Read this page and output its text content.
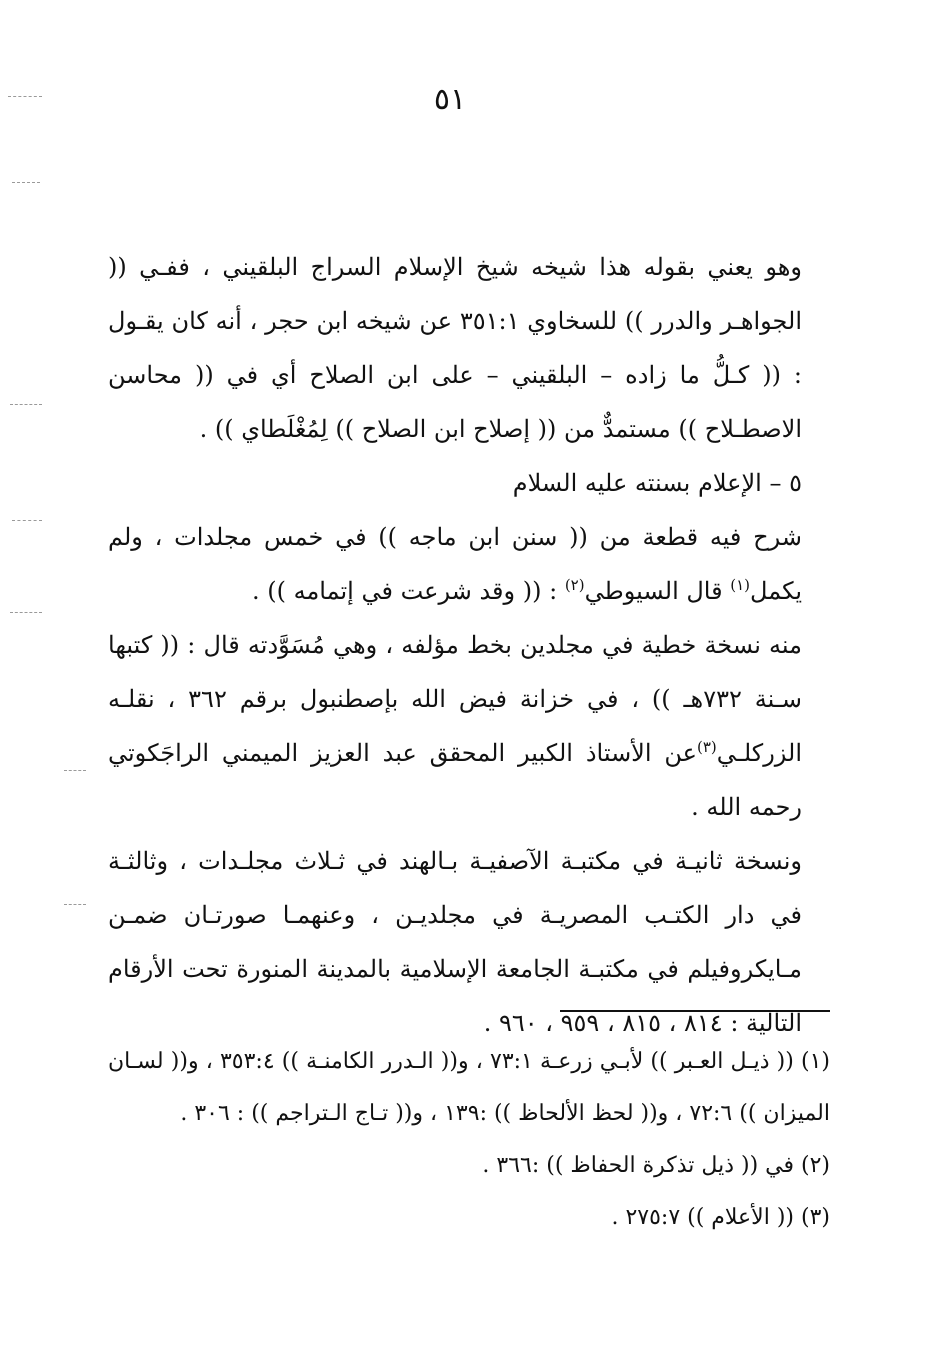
٥١

وهو يعني بقوله هذا شيخه شيخ الإسلام السراج البلقيني ، ففـي (( الجواهـر والدرر )) للسخاوي ٣٥١:١ عن شيخه ابن حجر ، أنه كان يقـول : (( كـلُّ ما زاده – البلقيني – على ابن الصلاح أي في (( محاسن الاصطـلاح )) مستمدٌّ من (( إصلاح ابن الصلاح )) لِمُغْلَطاي )) .

٥ – الإعلام بسنته عليه السلام

شرح فيه قطعة من (( سنن ابن ماجه )) في خمس مجلدات ، ولم يكمل$^{(١)}$ قال السيوطي$^{(٢)}$ : (( وقد شرعت في إتمامه )) .

منه نسخة خطية في مجلدين بخط مؤلفه ، وهي مُسَوَّدته قال : (( كتبها سـنة ٧٣٢هـ )) ، في خزانة فيض الله بإصطنبول برقم ٣٦٢ ، نقلـه الزركلـي$^{(٣)}$عن الأستاذ الكبير المحقق عبد العزيز الميمني الراجَكوتي رحمه الله .

ونسخة ثانيـة في مكتبـة الآصفيـة بـالهند في ثـلاث مجلـدات ، وثالثـة في دار الكتـب المصريـة في مجلديـن ، وعنهمـا صورتـان ضمـن مـايكروفيلم في مكتبـة الجامعة الإسلامية بالمدينة المنورة تحت الأرقام التالية : ٨١٤ ، ٨١٥ ، ٩٥٩ ، ٩٦٠ .

(١) (( ذيـل العـبر )) لأبـي زرعـة ٧٣:١ ، و(( الـدرر الكامنـة )) ٣٥٣:٤ ، و(( لسـان الميزان )) ٧٢:٦ ، و(( لحظ الألحاظ )) :١٣٩ ، و(( تـاج الـتراجم )) : ٣٠٦ .

(٢) في (( ذيل تذكرة الحفاظ )) :٣٦٦ .

(٣) (( الأعلام )) ٢٧٥:٧ .
